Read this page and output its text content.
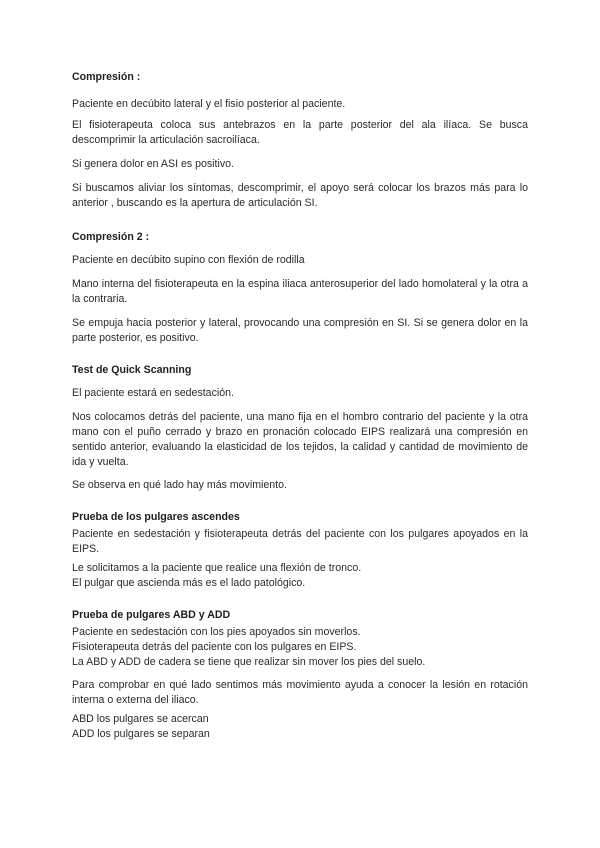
Compresión :

Paciente en decúbito lateral y el fisio posterior al paciente.

El fisioterapeuta coloca sus antebrazos en la parte posterior del ala ilíaca. Se busca descomprimir la articulación sacroilíaca.

Si genera dolor en ASI es positivo.

Si buscamos aliviar los síntomas, descomprimir, el apoyo será colocar los brazos más para lo anterior , buscando es la apertura de articulación SI.

Compresión 2 :

Paciente en decúbito supino con flexión de rodilla

Mano interna del fisioterapeuta en la espina iliaca anterosuperior del lado homolateral y la otra a la contraria.

Se empuja hacia posterior y lateral, provocando una compresión en SI. Si se genera dolor en la parte posterior, es positivo.

Test de Quick Scanning

El paciente estará en sedestación.

Nos colocamos detrás del paciente, una mano fija en el hombro contrario del paciente y la otra mano con el puño cerrado y brazo en pronación colocado EIPS realizará una compresión en sentido anterior, evaluando la elasticidad de los tejidos, la calidad y cantidad de movimiento de ida y vuelta.

Se observa en qué lado hay más movimiento.

Prueba de los pulgares ascendes

Paciente en sedestación y fisioterapeuta detrás del paciente con los pulgares apoyados en la EIPS.

Le solicitamos a la paciente que realice una flexión de tronco.

El pulgar que ascienda más es el lado patológico.

Prueba de pulgares ABD y ADD

Paciente en sedestación con los pies apoyados sin moverlos.

Fisioterapeuta detrás del paciente con los pulgares en EIPS.

La ABD y ADD de cadera se tiene que realizar sin mover los pies del suelo.

Para comprobar en qué lado sentimos más movimiento ayuda a conocer la lesión en rotación interna o externa del iliaco.

ABD los pulgares se acercan

ADD los pulgares se separan
